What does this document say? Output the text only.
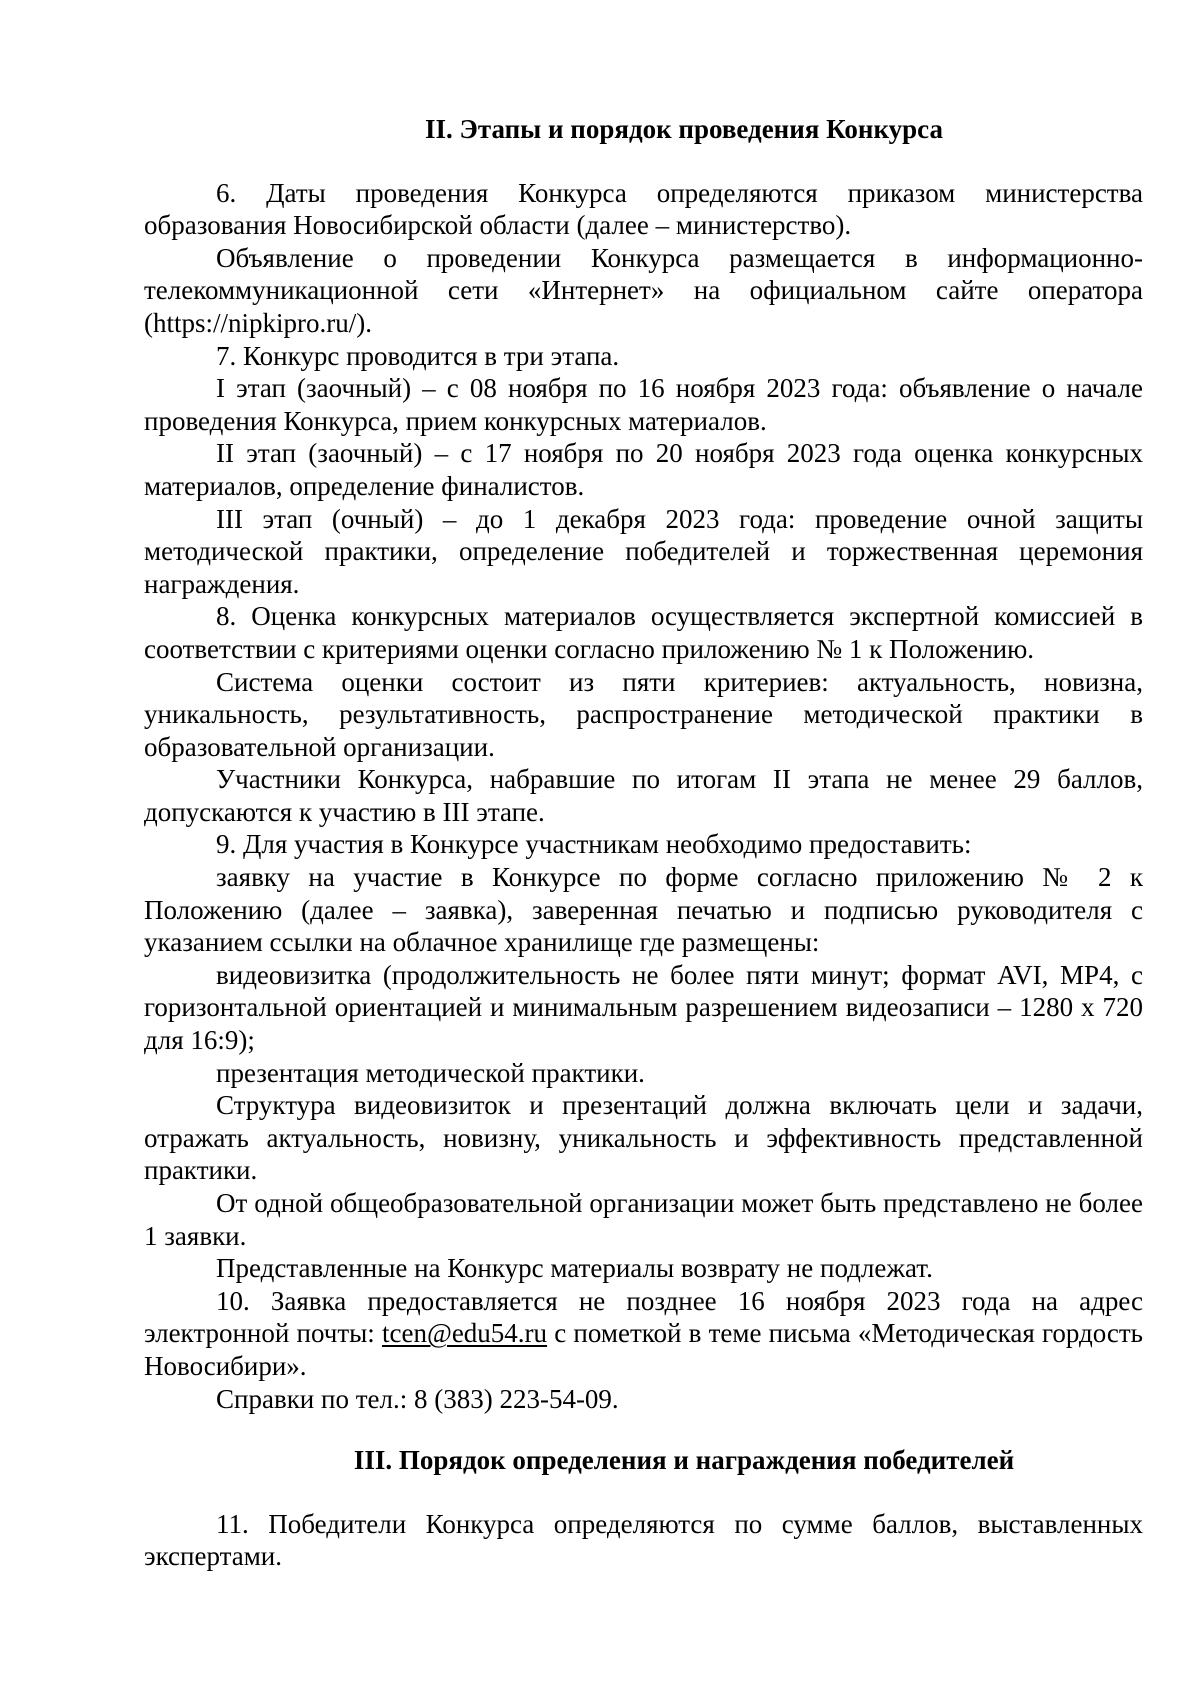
II. Этапы и порядок проведения Конкурса

6. Даты проведения Конкурса определяются приказом министерства образования Новосибирской области (далее – министерство).

Объявление о проведении Конкурса размещается в информационно-телекоммуникационной сети «Интернет» на официальном сайте оператора (https://nipkipro.ru/).

7. Конкурс проводится в три этапа.

I этап (заочный) – с 08 ноября по 16 ноября 2023 года: объявление о начале проведения Конкурса, прием конкурсных материалов.

II этап (заочный) – с 17 ноября по 20 ноября 2023 года оценка конкурсных материалов, определение финалистов.

III этап (очный) – до 1 декабря 2023 года: проведение очной защиты методической практики, определение победителей и торжественная церемония награждения.

8. Оценка конкурсных материалов осуществляется экспертной комиссией в соответствии с критериями оценки согласно приложению № 1 к Положению.

Система оценки состоит из пяти критериев: актуальность, новизна, уникальность, результативность, распространение методической практики в образовательной организации.

Участники Конкурса, набравшие по итогам II этапа не менее 29 баллов, допускаются к участию в III этапе.

9. Для участия в Конкурсе участникам необходимо предоставить:

заявку на участие в Конкурсе по форме согласно приложению № 2 к Положению (далее – заявка), заверенная печатью и подписью руководителя с указанием ссылки на облачное хранилище где размещены:

видеовизитка (продолжительность не более пяти минут; формат AVI, MP4, с горизонтальной ориентацией и минимальным разрешением видеозаписи – 1280 х 720 для 16:9);

презентация методической практики.

Структура видеовизиток и презентаций должна включать цели и задачи, отражать актуальность, новизну, уникальность и эффективность представленной практики.

От одной общеобразовательной организации может быть представлено не более 1 заявки.

Представленные на Конкурс материалы возврату не подлежат.

10. Заявка предоставляется не позднее 16 ноября 2023 года на адрес электронной почты: tcen@edu54.ru с пометкой в теме письма «Методическая гордость Новосибири».

Справки по тел.: 8 (383) 223-54-09.

III. Порядок определения и награждения победителей

11. Победители Конкурса определяются по сумме баллов, выставленных экспертами.
